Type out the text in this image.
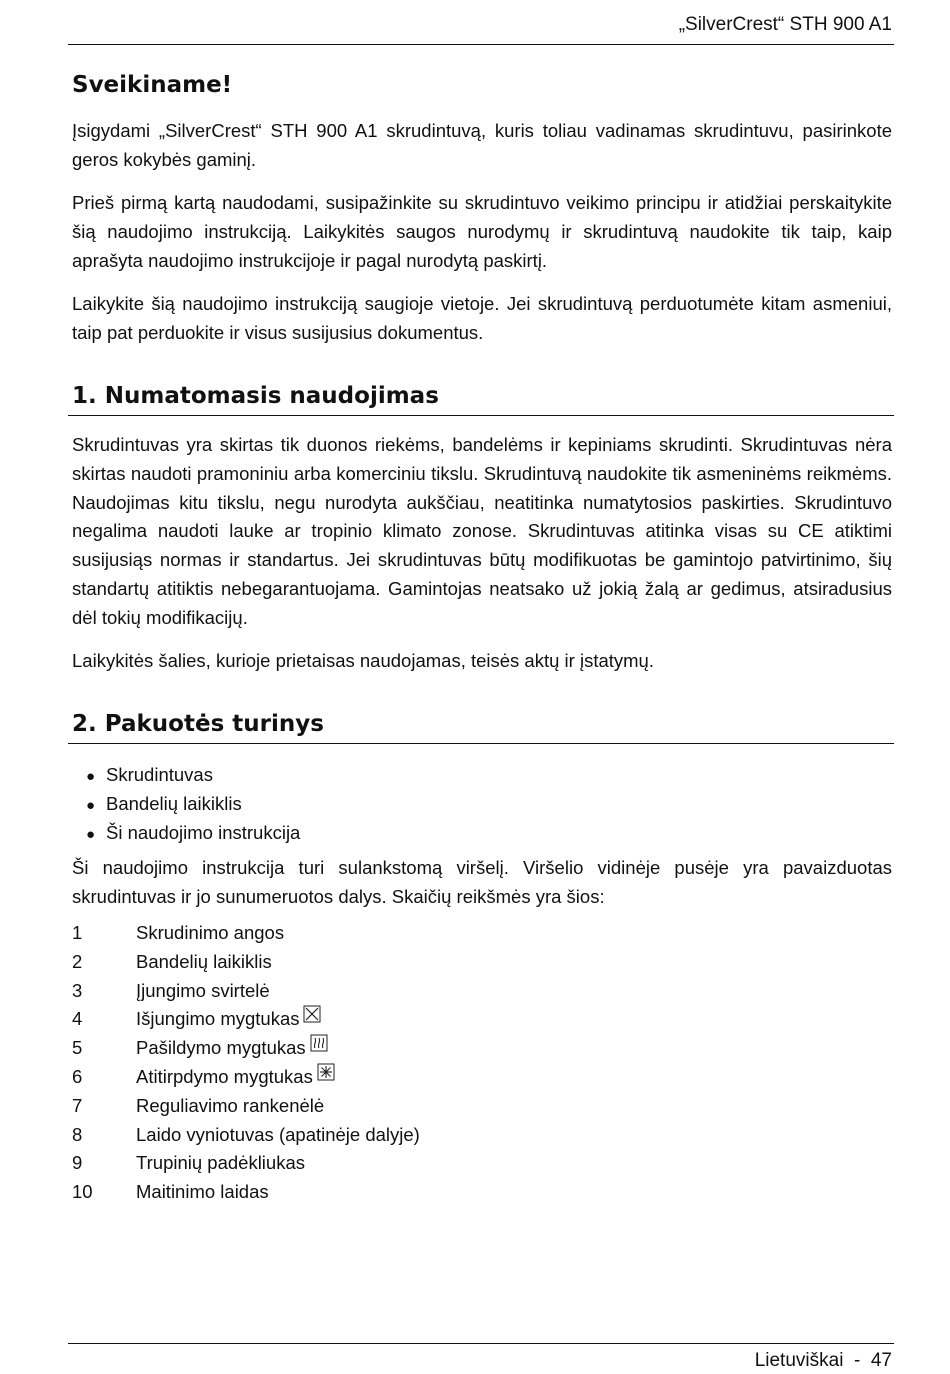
„SilverCrest“ STH 900 A1
Sveikiname!

Įsigydami „SilverCrest“ STH 900 A1 skrudintuvą, kuris toliau vadinamas skrudintuvu, pasirinkote geros kokybės gaminį.

Prieš pirmą kartą naudodami, susipažinkite su skrudintuvo veikimo principu ir atidžiai perskaitykite šią naudojimo instrukciją. Laikykitės saugos nurodymų ir skrudintuvą naudokite tik taip, kaip aprašyta naudojimo instrukcijoje ir pagal nurodytą paskirtį.

Laikykite šią naudojimo instrukciją saugioje vietoje. Jei skrudintuvą perduotumėte kitam asmeniui, taip pat perduokite ir visus susijusius dokumentus.

1. Numatomasis naudojimas

Skrudintuvas yra skirtas tik duonos riekėms, bandelėms ir kepiniams skrudinti. Skrudintuvas nėra skirtas naudoti pramoniniu arba komerciniu tikslu. Skrudintuvą naudokite tik asmeninėms reikmėms. Naudojimas kitu tikslu, negu nurodyta aukščiau, neatitinka numatytosios paskirties. Skrudintuvo negalima naudoti lauke ar tropinio klimato zonose. Skrudintuvas atitinka visas su CE atiktimi susijusiąs normas ir standartus. Jei skrudintuvas būtų modifikuotas be gamintojo patvirtinimo, šių standartų atitiktis nebegarantuojama. Gamintojas neatsako už jokią žalą ar gedimus, atsiradusius dėl tokių modifikacijų.

Laikykitės šalies, kurioje prietaisas naudojamas, teisės aktų ir įstatymų.

2. Pakuotės turinys
● Skrudintuvas
● Bandelių laikiklis
● Ši naudojimo instrukcija

Ši naudojimo instrukcija turi sulankstomą viršelį. Viršelio vidinėje pusėje yra pavaizduotas skrudintuvas ir jo sunumeruotos dalys. Skaičių reikšmės yra šios:

1	Skrudinimo angos
2	Bandelių laikiklis
3	Įjungimo svirtelė
4	Išjungimo mygtukas
5	Pašildymo mygtukas
6	Atitirpdymo mygtukas
7	Reguliavimo rankenėlė
8	Laido vyniotuvas (apatinėje dalyje)
9	Trupinių padėkliukas
10 Maitinimo laidas
Lietuviškai  -  47
